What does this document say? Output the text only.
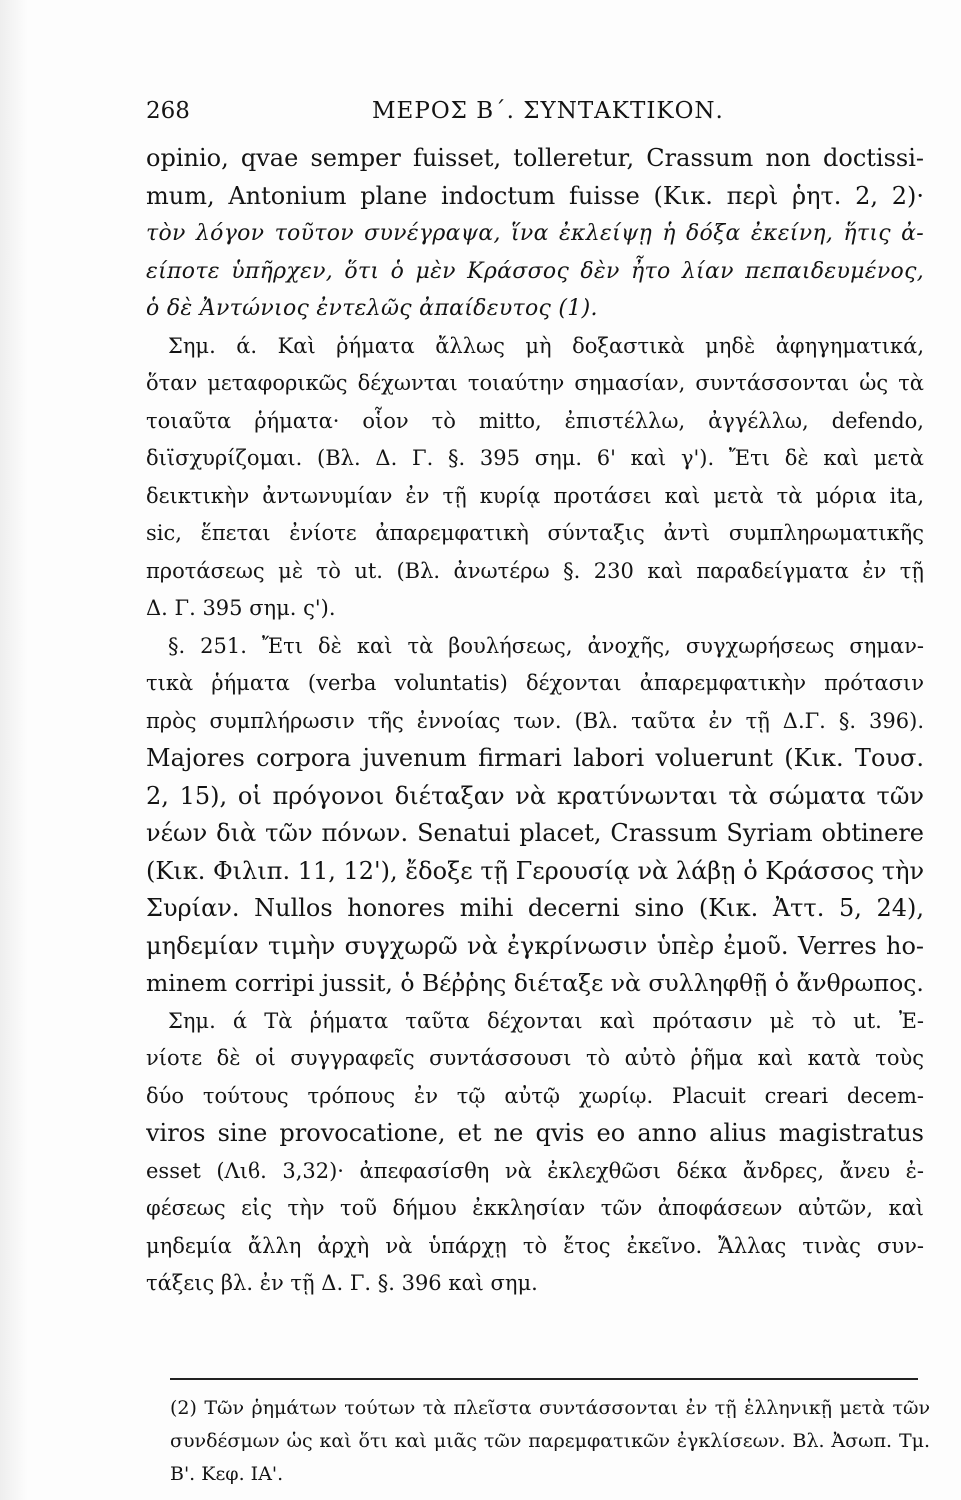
268	ΜΕΡΟΣ Β΄. ΣΥΝΤΑΚΤΙΚΟΝ.
opinio, qvae semper fuisset, tolleretur, Crassum non doctissi-
mum, Antonium plane indoctum fuisse (Κικ. περὶ ῥητ. 2, 2)·
τὸν λόγον τοῦτον συνέγραψα, ἵνα ἐκλείψῃ ἡ δόξα ἐκείνη, ἥτις ἀ-
είποτε ὑπῆρχεν, ὅτι ὁ μὲν Κράσσος δὲν ἦτο λίαν πεπαιδευμένος,
ὁ δὲ Ἀντώνιος ἐντελῶς ἀπαίδευτος (1).
Σημ. ά. Καὶ ῥήματα ἄλλως μὴ δοξαστικὰ μηδὲ ἀφηγηματικά,
ὅταν μεταφορικῶς δέχωνται τοιαύτην σημασίαν, συντάσσονται ὡς τὰ
τοιαῦτα ῥήματα· οἷον τὸ mitto, ἐπιστέλλω, ἀγγέλλω, defendo,
διϊσχυρίζομαι. (Βλ. Δ. Γ. §. 395 σημ. 6' καὶ γ'). Ἔτι δὲ καὶ μετὰ
δεικτικὴν ἀντωνυμίαν ἐν τῇ κυρίᾳ προτάσει καὶ μετὰ τὰ μόρια ita,
sic, ἕπεται ἐνίοτε ἀπαρεμφατικὴ σύνταξις ἀντὶ συμπληρωματικῆς
προτάσεως μὲ τὸ ut. (Βλ. ἀνωτέρω §. 230 καὶ παραδείγματα ἐν τῇ
Δ. Γ. 395 σημ. ς').
§. 251. Ἔτι δὲ καὶ τὰ βουλήσεως, ἀνοχῆς, συγχωρήσεως σημαν-
τικὰ ῥήματα (verba voluntatis) δέχονται ἀπαρεμφατικὴν πρότασιν
πρὸς συμπλήρωσιν τῆς ἐννοίας των. (Βλ. ταῦτα ἐν τῇ Δ.Γ. §. 396).
Majores corpora juvenum firmari labori voluerunt (Κικ. Τουσ.
2, 15), οἱ πρόγονοι διέταξαν νὰ κρατύνωνται τὰ σώματα τῶν
νέων διὰ τῶν πόνων. Senatui placet, Crassum Syriam obtinere
(Κικ. Φιλιπ. 11, 12'), ἔδοξε τῇ Γερουσίᾳ νὰ λάβῃ ὁ Κράσσος τὴν
Συρίαν. Nullos honores mihi decerni sino (Κικ. Ἀττ. 5, 24),
μηδεμίαν τιμὴν συγχωρῶ νὰ ἐγκρίνωσιν ὑπὲρ ἐμοῦ. Verres ho-
minem corripi jussit, ὁ Βέῤῥης διέταξε νὰ συλληφθῇ ὁ ἄνθρωπος.
Σημ. ά Τὰ ῥήματα ταῦτα δέχονται καὶ πρότασιν μὲ τὸ ut. Ἐ-
νίοτε δὲ οἱ συγγραφεῖς συντάσσουσι τὸ αὐτὸ ῥῆμα καὶ κατὰ τοὺς
δύο τούτους τρόπους ἐν τῷ αὐτῷ χωρίῳ. Placuit creari decem-
viros sine provocatione, et ne qvis eo anno alius magistratus
esset (Λιϐ. 3,32)· ἀπεφασίσθη νὰ ἐκλεχθῶσι δέκα ἄνδρες, ἄνευ ἐ-
φέσεως εἰς τὴν τοῦ δήμου ἐκκλησίαν τῶν ἀποφάσεων αὐτῶν, καὶ
μηδεμία ἄλλη ἀρχὴ νὰ ὑπάρχῃ τὸ ἔτος ἐκεῖνο. Ἄλλας τινὰς συν-
τάξεις βλ. ἐν τῇ Δ. Γ. §. 396 καὶ σημ.
(2) Τῶν ῥημάτων τούτων τὰ πλεῖστα συντάσσονται ἐν τῇ ἑλληνικῇ μετὰ τῶν
συνδέσμων ὡς καὶ ὅτι καὶ μιᾶς τῶν παρεμφατικῶν ἐγκλίσεων. Βλ. Ἀσωπ. Τμ.
Β'. Κεφ. ΙΑ'.
